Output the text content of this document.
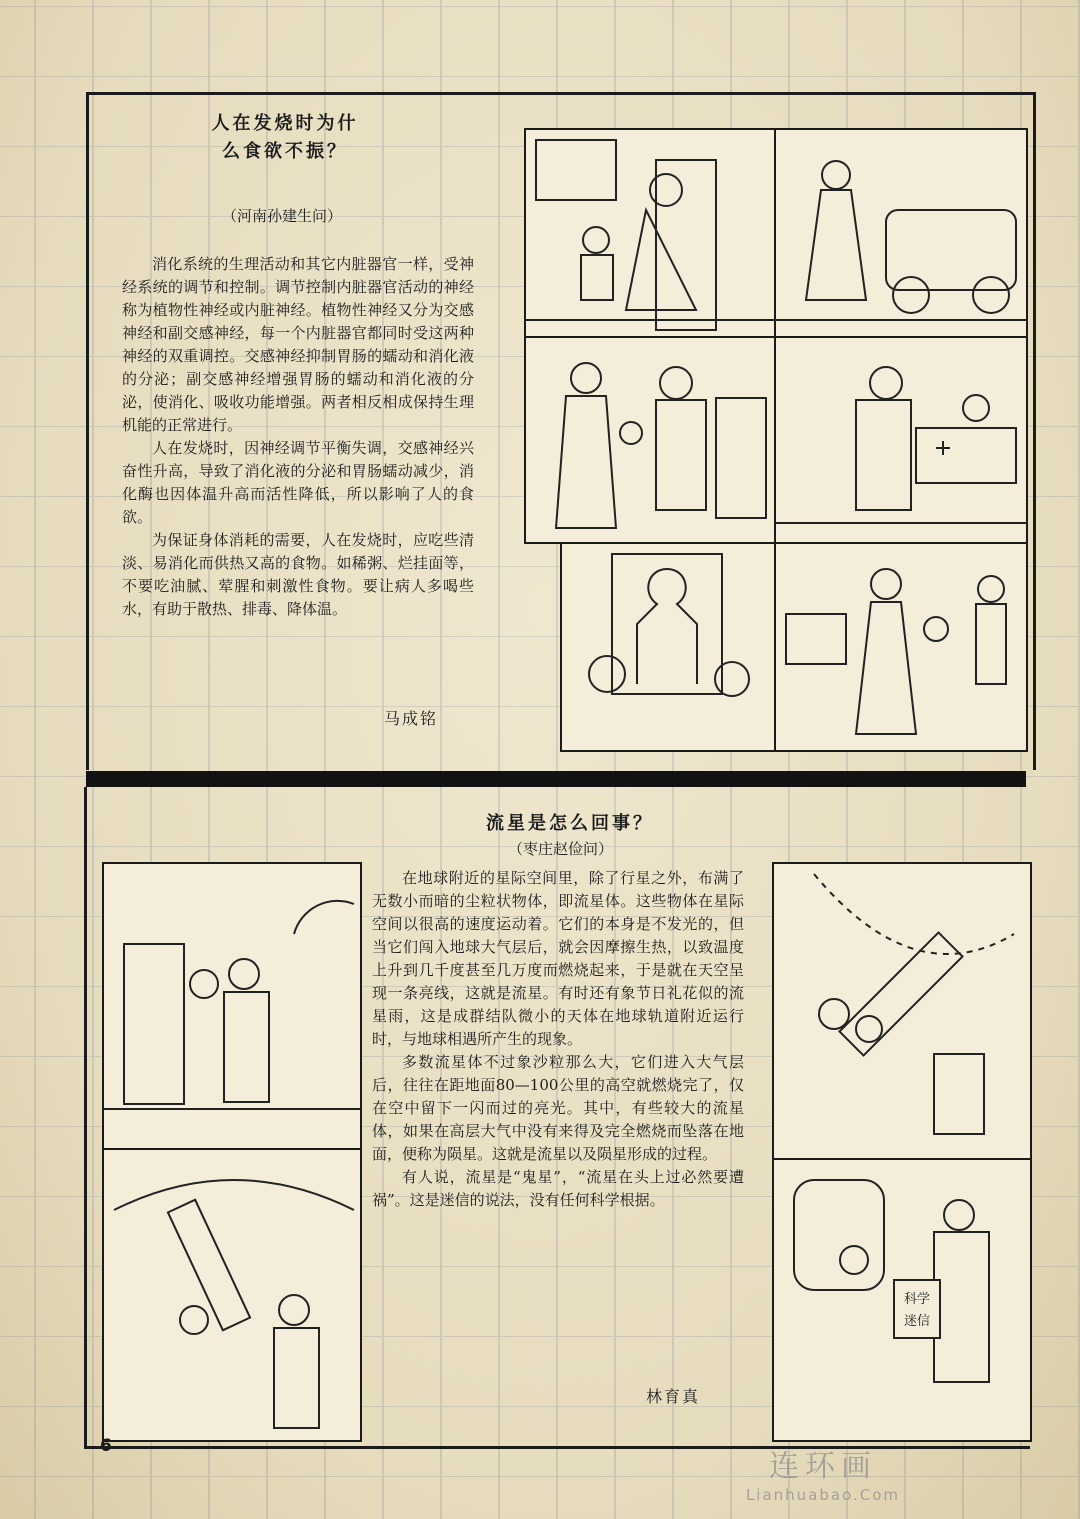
人在发烧时为什
么食欲不振？

（河南孙建生问）

消化系统的生理活动和其它内脏器官一样，受神经系统的调节和控制。调节控制内脏器官活动的神经称为植物性神经或内脏神经。植物性神经又分为交感神经和副交感神经，每一个内脏器官都同时受这两种神经的双重调控。交感神经抑制胃肠的蠕动和消化液的分泌；副交感神经增强胃肠的蠕动和消化液的分泌，使消化、吸收功能增强。两者相反相成保持生理机能的正常进行。

人在发烧时，因神经调节平衡失调，交感神经兴奋性升高，导致了消化液的分泌和胃肠蠕动减少，消化酶也因体温升高而活性降低，所以影响了人的食欲。

为保证身体消耗的需要，人在发烧时，应吃些清淡、易消化而供热又高的食物。如稀粥、烂挂面等，不要吃油腻、荤腥和刺激性食物。要让病人多喝些水，有助于散热、排毒、降体温。

马成铭

流星是怎么回事？

（枣庄赵俭问）

在地球附近的星际空间里，除了行星之外，布满了无数小而暗的尘粒状物体，即流星体。这些物体在星际空间以很高的速度运动着。它们的本身是不发光的，但当它们闯入地球大气层后，就会因摩擦生热，以致温度上升到几千度甚至几万度而燃烧起来，于是就在天空呈现一条亮线，这就是流星。有时还有象节日礼花似的流星雨，这是成群结队微小的天体在地球轨道附近运行时，与地球相遇所产生的现象。

多数流星体不过象沙粒那么大，它们进入大气层后，往往在距地面80—100公里的高空就燃烧完了，仅在空中留下一闪而过的亮光。其中，有些较大的流星体，如果在高层大气中没有来得及完全燃烧而坠落在地面，便称为陨星。这就是流星以及陨星形成的过程。

有人说，流星是“鬼星”，“流星在头上过必然要遭祸”。这是迷信的说法，没有任何科学根据。

林育真

科学
迷信
6
连环画
Lianhuabao.Com
